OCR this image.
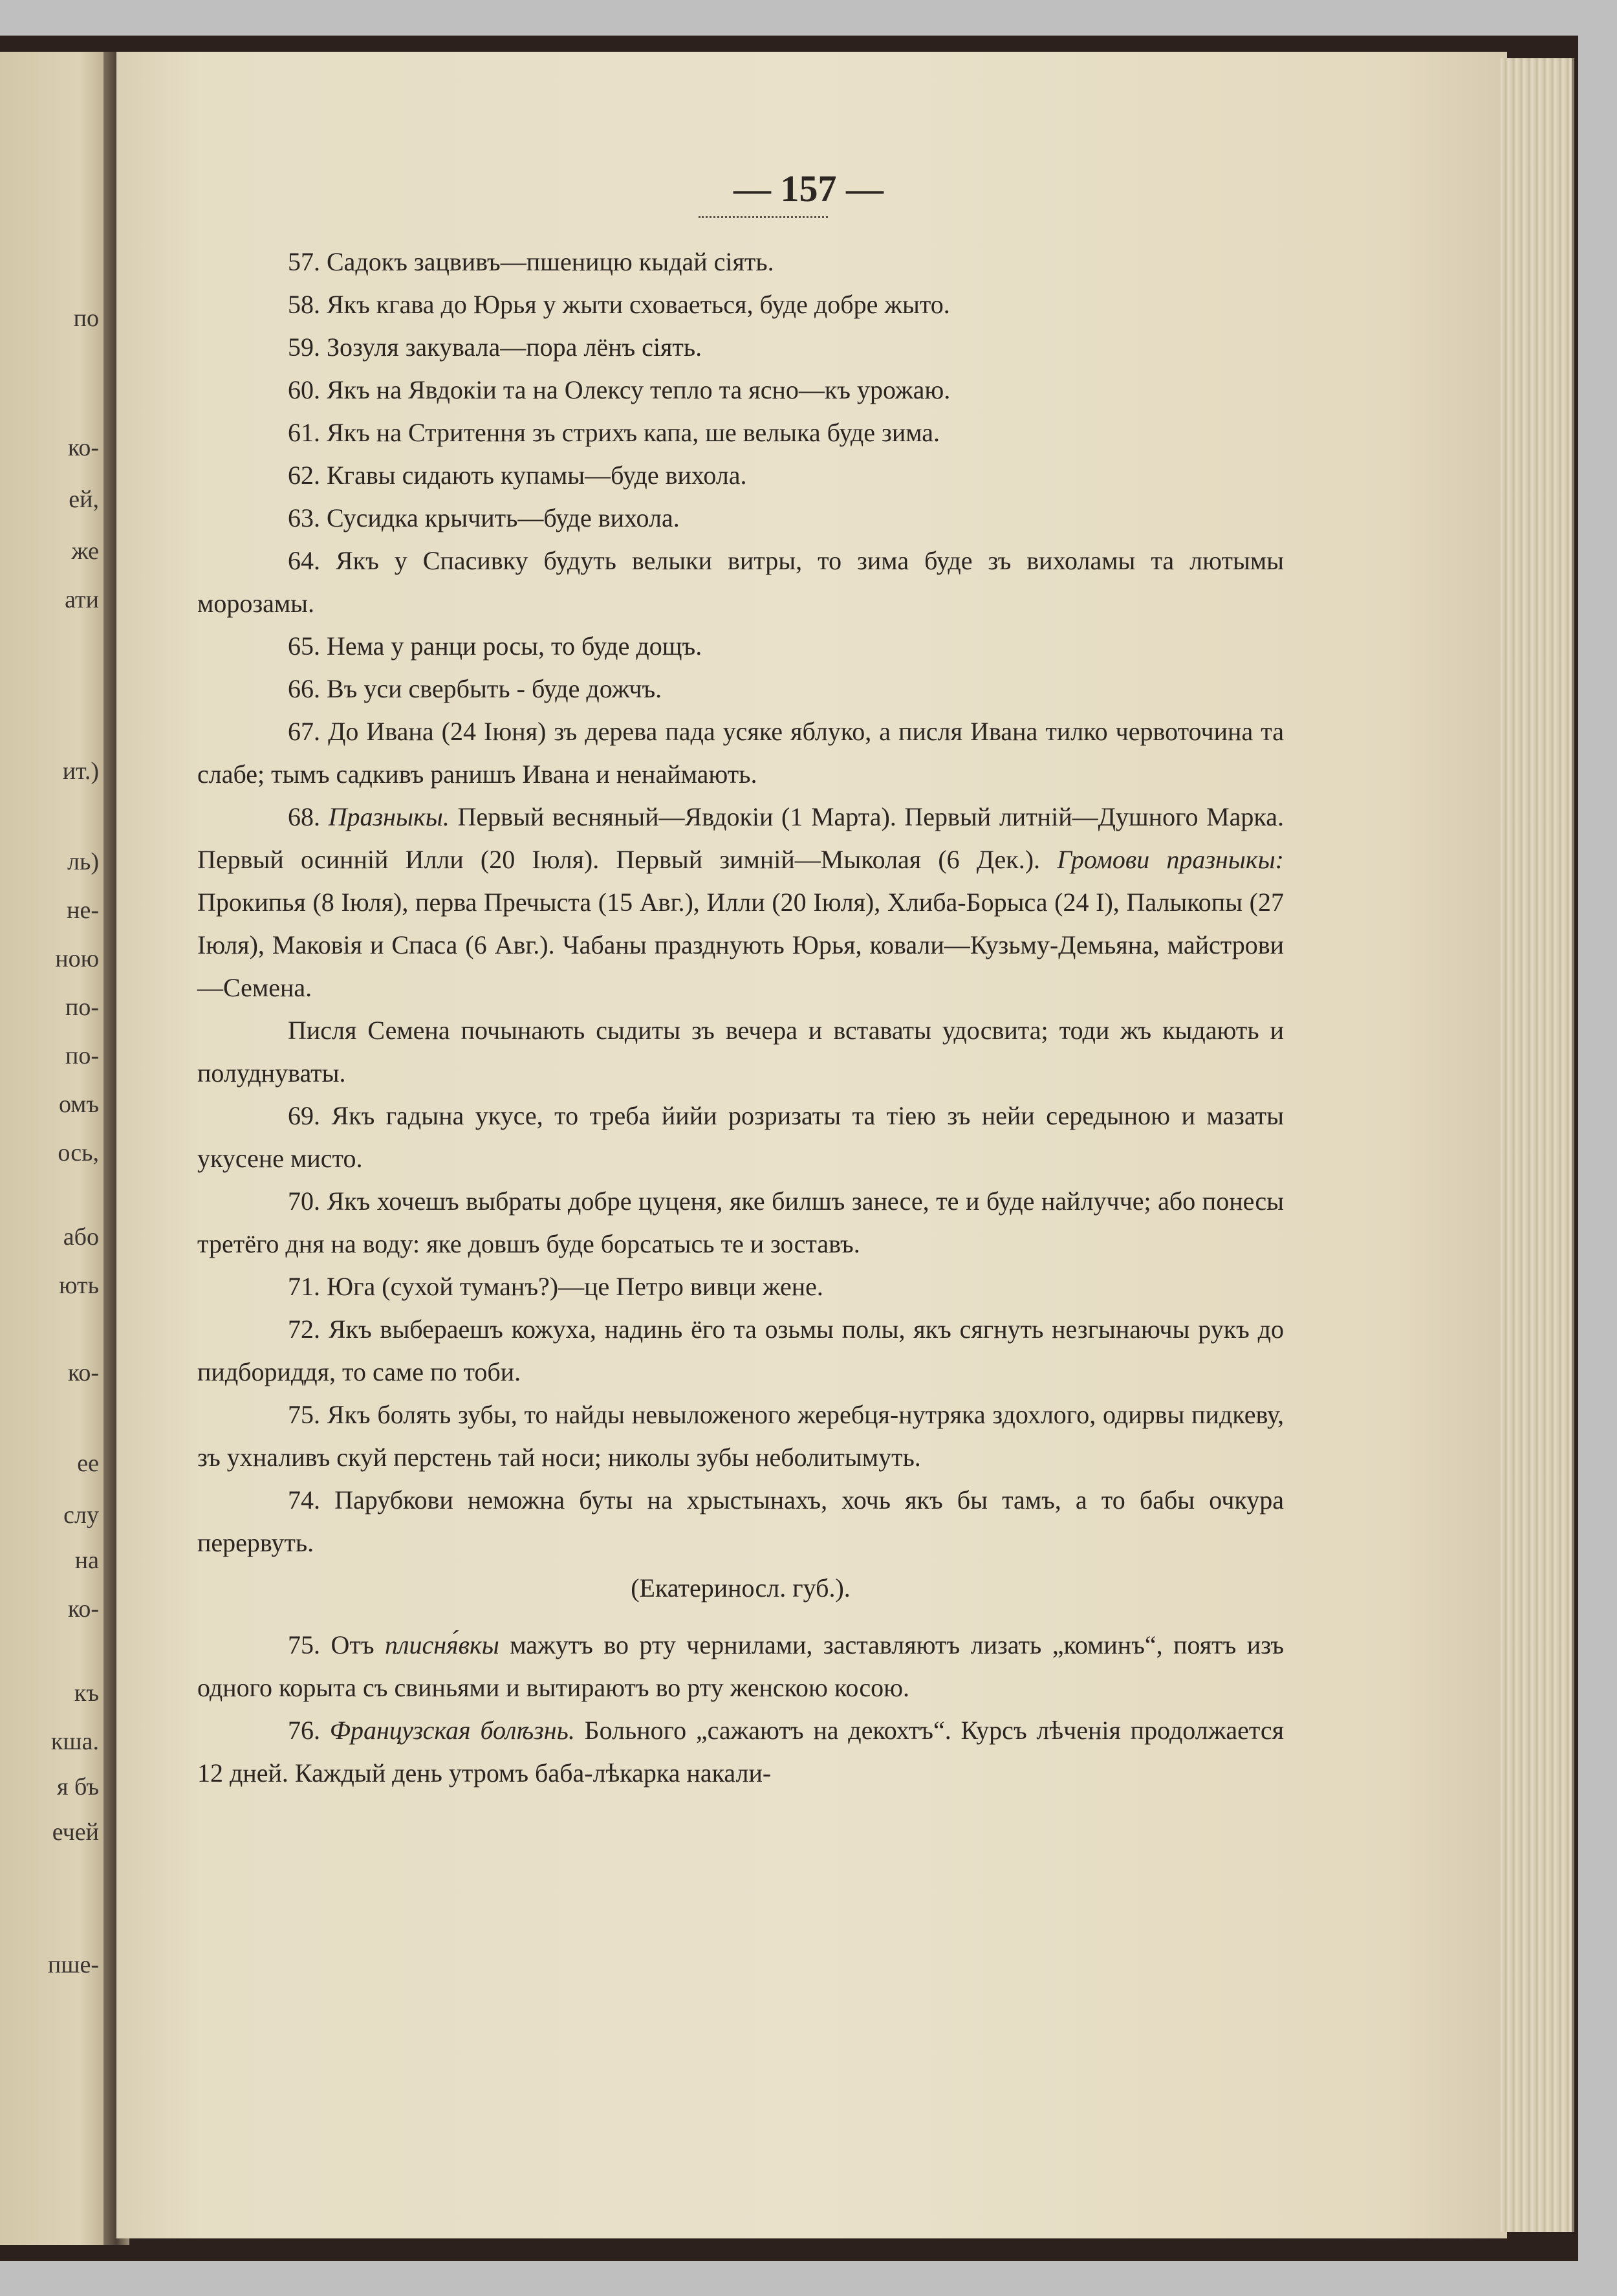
по
ко-
ей,
же
ати
ит.)
ль)
не-
ною
по-
по-
омъ
ось,
або
ють
ко-
ее
слу
на
ко-
къ
кша.
я бъ
ечей
пше-
— 157 —

57. Садокъ зацвивъ—пшеницю кыдай сіять.

58. Якъ кгава до Юрья у жыти сховаеться, буде добре жыто.

59. Зозуля закувала—пора лёнъ сіять.

60. Якъ на Явдокіи та на Олексу тепло та ясно—къ урожаю.

61. Якъ на Стритення зъ стрихъ капа, ше велыка буде зима.

62. Кгавы сидають купамы—буде вихола.

63. Сусидка крычить—буде вихола.

64. Якъ у Спасивку будуть велыки витры, то зима буде зъ вихоламы та лютымы морозамы.

65. Нема у ранци росы, то буде дощъ.

66. Въ уси свербыть - буде дожчъ.

67. До Ивана (24 Іюня) зъ дерева пада усяке яблуко, а писля Ивана тилко червоточина та слабе; тымъ садкивъ ранишъ Ивана и ненаймають.

68. Празныкы. Первый весняный—Явдокіи (1 Марта). Первый литній—Душного Марка. Первый осинній Илли (20 Іюля). Первый зимній—Мыколая (6 Дек.). Громови празныкы: Прокипья (8 Іюля), перва Пречыста (15 Авг.), Илли (20 Іюля), Хлиба-Борыса (24 І), Палыкопы (27 Іюля), Маковія и Спаса (6 Авг.). Чабаны празднують Юрья, ковали—Кузьму-Демьяна, майстрови—Семена.

Писля Семена почынають сыдиты зъ вечера и вставаты удосвита; тоди жъ кыдають и полуднуваты.

69. Якъ гадына укусе, то треба йийи розризаты та тіею зъ нейи середыною и мазаты укусене мисто.

70. Якъ хочешъ выбраты добре цуценя, яке билшъ занесе, те и буде найлучче; або понесы третёго дня на воду: яке довшъ буде борсатысь те и зоставъ.

71. Юга (сухой туманъ?)—це Петро вивци жене.

72. Якъ выбераешъ кожуха, надинь ёго та озьмы полы, якъ сягнуть незгынаючы рукъ до пидбориддя, то саме по тоби.

75. Якъ болять зубы, то найды невыложеного жеребця-нутряка здохлого, одирвы пидкеву, зъ ухналивъ скуй перстень тай носи; николы зубы неболитымуть.

74. Парубкови неможна буты на хрыстынахъ, хочь якъ бы тамъ, а то бабы очкура перервуть.

(Екатериносл. губ.).

75. Отъ плисня́вкы мажутъ во рту чернилами, заставляютъ лизать „коминъ“, поятъ изъ одного корыта съ свиньями и вытираютъ во рту женскою косою.

76. Французская болѣзнь. Больного „сажаютъ на декохтъ“. Курсъ лѣченія продолжается 12 дней. Каждый день утромъ баба-лѣкарка накали-
